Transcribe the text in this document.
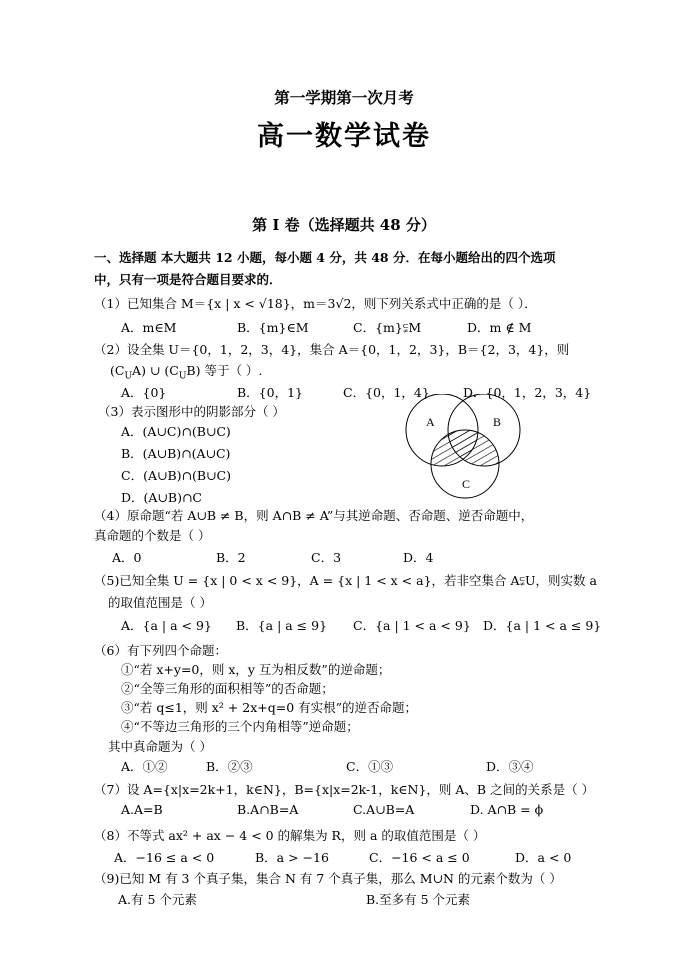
第一学期第一次月考
高一数学试卷
第 I 卷（选择题共 48 分）
一、选择题 本大题共 12 小题，每小题 4 分，共 48 分．在每小题给出的四个选项
中，只有一项是符合题目要求的．
（1）已知集合 M＝{x | x < √18}，m＝3√2，则下列关系式中正确的是（ ）．
A．m∈M	B．{m}∈M	C．{m}⫋M	D．m ∉ M
（2）设全集 U＝{0，1，2，3，4}，集合 A＝{0，1，2，3}，B＝{2，3，4}，则
$(C_UA)$ ∪ $(C_UB)$ 等于（ ）.
A．{0}	B．{0，1}	C．{0，1，4}	D．{0，1，2，3，4}
（3）表示图形中的阴影部分（ ）
A．(A∪C)∩(B∪C)
B．(A∪B)∩(A∪C)
C．(A∪B)∩(B∪C)
D．(A∪B)∩C
A	B
C
（4）原命题“若 A∪B ≠ B，则 A∩B ≠ A”与其逆命题、否命题、逆否命题中，
真命题的个数是（ ）
A．0	B．2	C．3	D．4
（5)已知全集 U = {x | 0 < x < 9}，A = {x | 1 < x < a}，若非空集合 A⫋U，则实数 a
的取值范围是（ ）
A．{a | a < 9} B．{a | a ≤ 9} C．{a | 1 < a < 9} D．{a | 1 < a ≤ 9}
（6）有下列四个命题：
①“若 x+y=0，则 x，y 互为相反数”的逆命题；
②“全等三角形的面积相等”的否命题；
③“若 q≤1，则 x² + 2x+q=0 有实根”的逆否命题；
④“不等边三角形的三个内角相等”逆命题；
其中真命题为（ ）
A．①②	B．②③	C．①③	D．③④
（7）设 A={x|x=2k+1，k∈N}，B={x|x=2k-1，k∈N}，则 A、B 之间的关系是（ ）
A.A=B	B.A∩B=A	C.A∪B=A	D. A∩B = ϕ
（8）不等式 ax² + ax − 4 < 0 的解集为 R，则 a 的取值范围是（ ）
A．−16 ≤ a < 0	B．a > −16	C．−16 < a ≤ 0	D．a < 0
（9)已知 M 有 3 个真子集，集合 N 有 7 个真子集，那么 M∪N 的元素个数为（ ）
A.有 5 个元素	B.至多有 5 个元素
